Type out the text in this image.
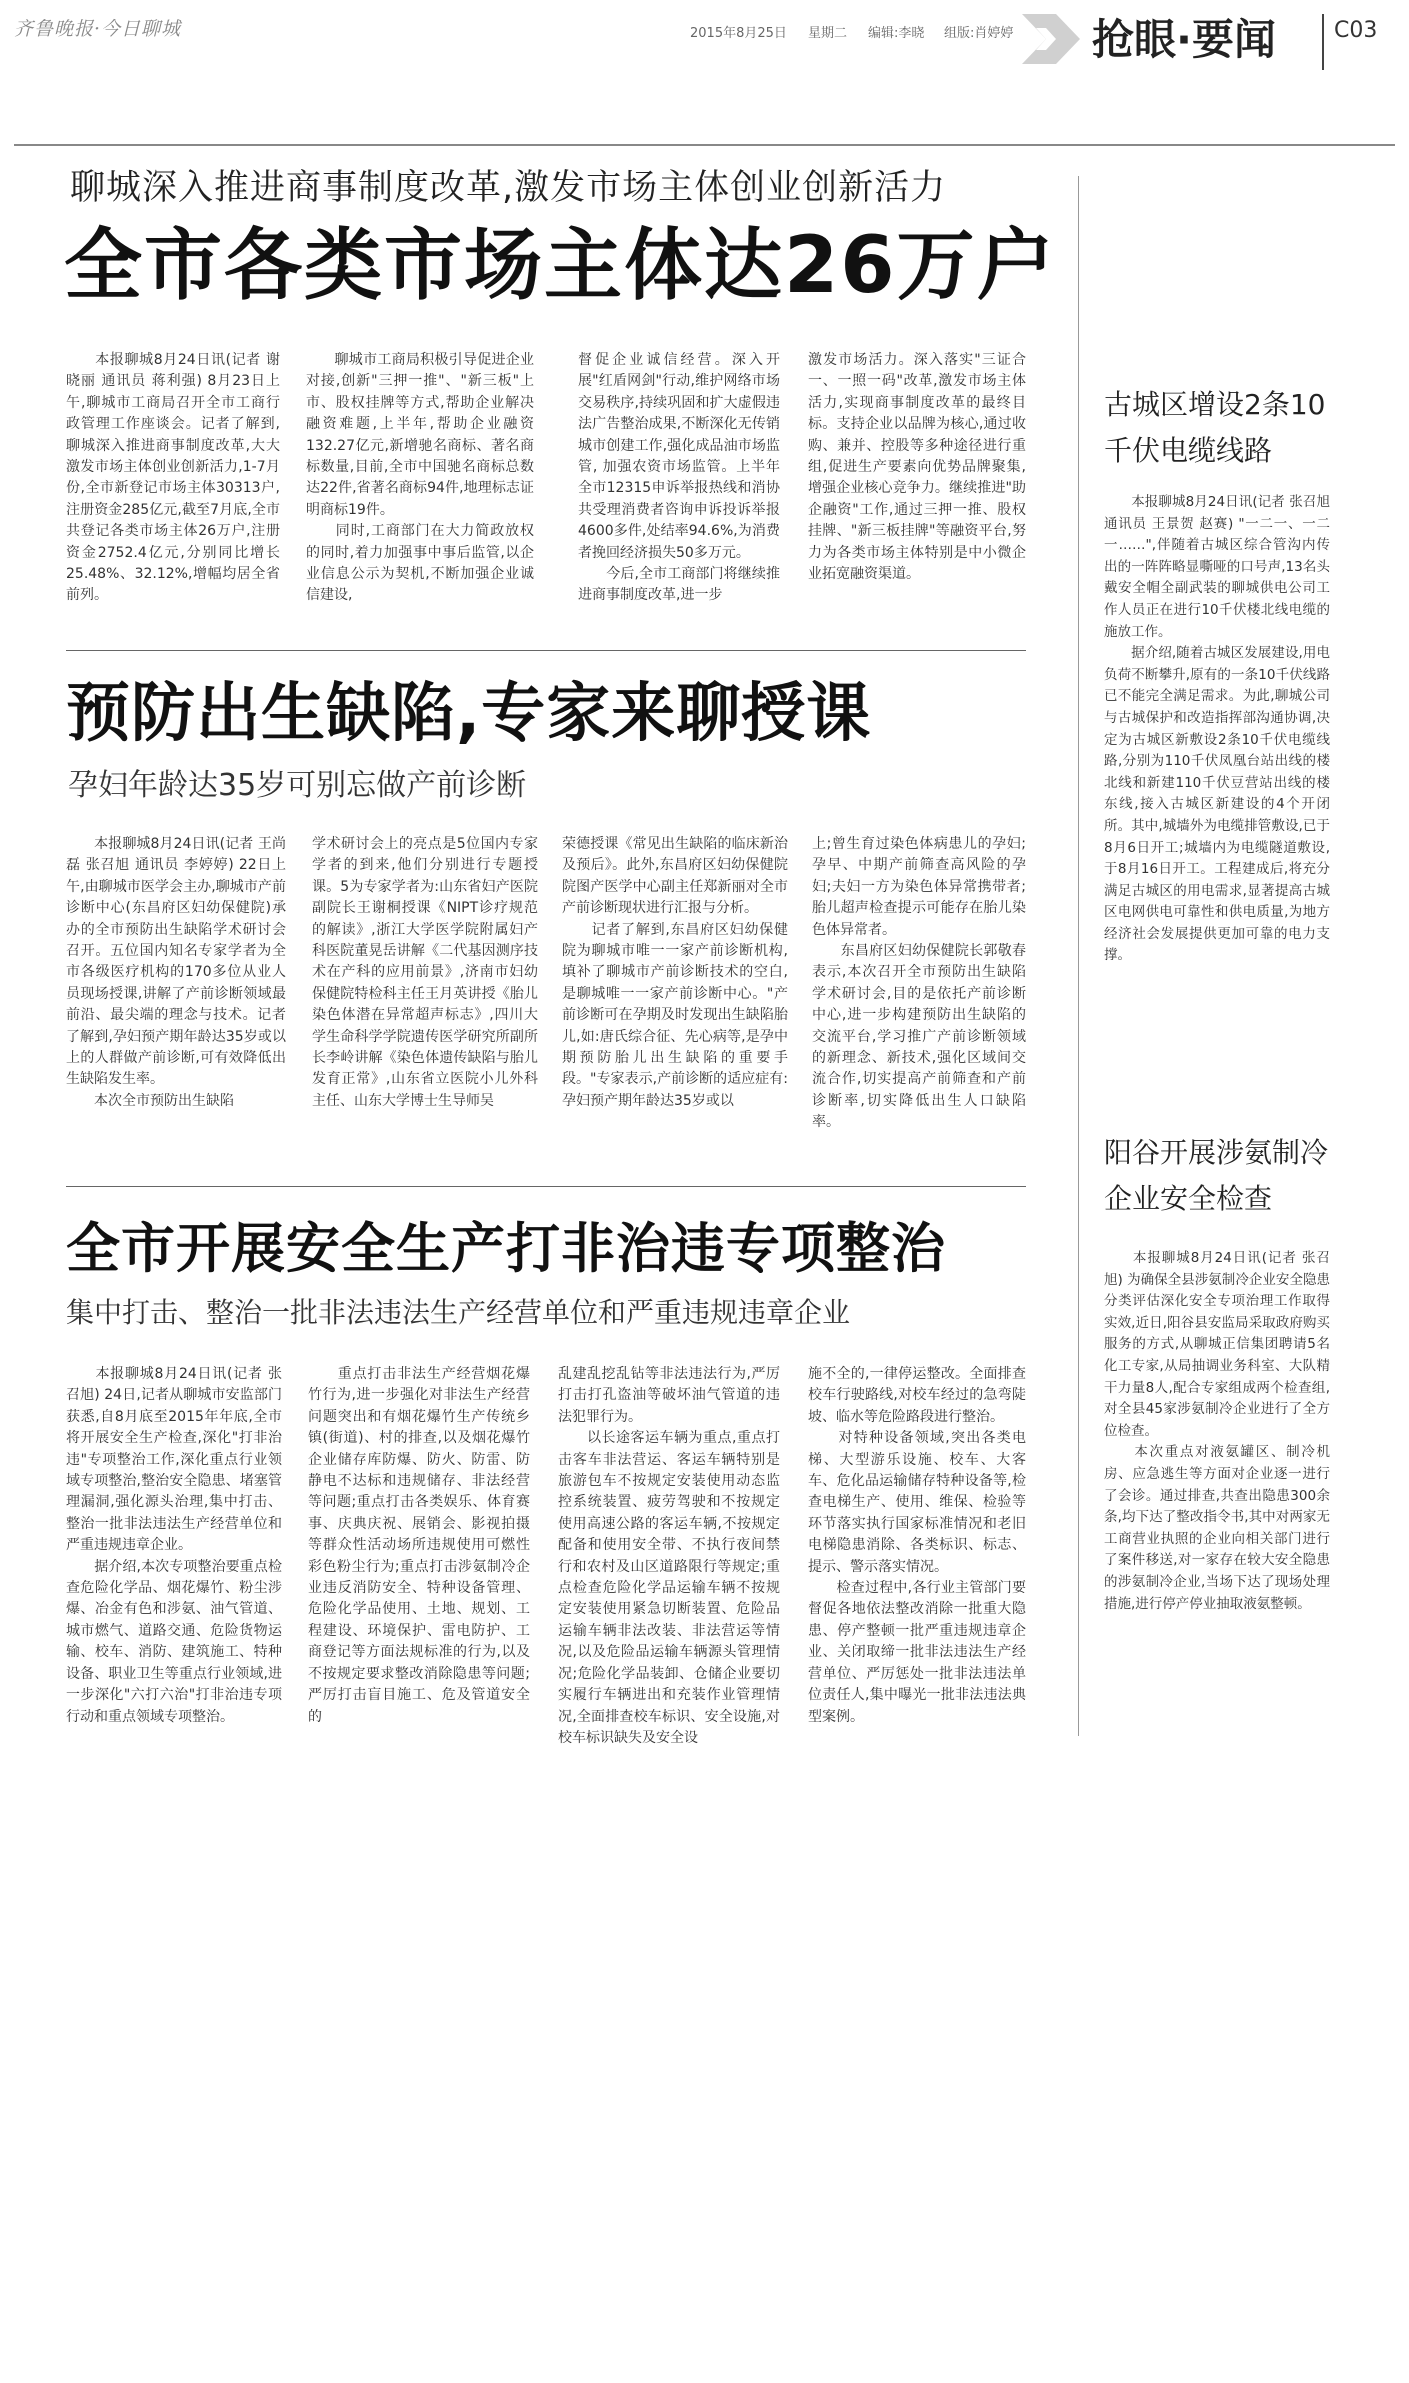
齐鲁晚报·今日聊城	2015年8月25日 星期二 编辑:李晓 组版:肖婷婷 抢眼·要闻	C03
聊城深入推进商事制度改革,激发市场主体创业创新活力
全市各类市场主体达26万户
　　本报聊城8月24日讯(记者 谢晓丽 通讯员 蒋利强) 8月23日上午,聊城市工商局召开全市工商行政管理工作座谈会。记者了解到,聊城深入推进商事制度改革,大大激发市场主体创业创新活力,1-7月份,全市新登记市场主体30313户,注册资金285亿元,截至7月底,全市共登记各类市场主体26万户,注册资金2752.4亿元,分别同比增长25.48%、32.12%,增幅均居全省前列。
　　聊城市工商局积极引导促进企业对接,创新"三押一推"、"新三板"上市、股权挂牌等方式,帮助企业解决融资难题,上半年,帮助企业融资132.27亿元,新增驰名商标、著名商标数量,目前,全市中国驰名商标总数达22件,省著名商标94件,地理标志证明商标19件。
　　同时,工商部门在大力简政放权的同时,着力加强事中事后监管,以企业信息公示为契机,不断加强企业诚信建设,
督促企业诚信经营。深入开展"红盾网剑"行动,维护网络市场交易秩序,持续巩固和扩大虚假违法广告整治成果,不断深化无传销城市创建工作,强化成品油市场监管, 加强农资市场监管。上半年全市12315申诉举报热线和消协共受理消费者咨询申诉投诉举报4600多件,处结率94.6%,为消费者挽回经济损失50多万元。
　　今后,全市工商部门将继续推进商事制度改革,进一步
激发市场活力。深入落实"三证合一、一照一码"改革,激发市场主体活力,实现商事制度改革的最终目标。支持企业以品牌为核心,通过收购、兼并、控股等多种途径进行重组,促进生产要素向优势品牌聚集,增强企业核心竞争力。继续推进"助企融资"工作,通过三押一推、股权挂牌、"新三板挂牌"等融资平台,努力为各类市场主体特别是中小微企业拓宽融资渠道。
预防出生缺陷,专家来聊授课
孕妇年龄达35岁可别忘做产前诊断
　　本报聊城8月24日讯(记者 王尚磊 张召旭 通讯员 李婷婷) 22日上午,由聊城市医学会主办,聊城市产前诊断中心(东昌府区妇幼保健院)承办的全市预防出生缺陷学术研讨会召开。五位国内知名专家学者为全市各级医疗机构的170多位从业人员现场授课,讲解了产前诊断领域最前沿、最尖端的理念与技术。记者了解到,孕妇预产期年龄达35岁或以上的人群做产前诊断,可有效降低出生缺陷发生率。
　　本次全市预防出生缺陷
学术研讨会上的亮点是5位国内专家学者的到来,他们分别进行专题授课。5为专家学者为:山东省妇产医院副院长王谢桐授课《NIPT诊疗规范的解读》,浙江大学医学院附属妇产科医院董晃岳讲解《二代基因测序技术在产科的应用前景》,济南市妇幼保健院特检科主任王月英讲授《胎儿染色体潜在异常超声标志》,四川大学生命科学学院遗传医学研究所副所长李岭讲解《染色体遗传缺陷与胎儿发育正常》,山东省立医院小儿外科主任、山东大学博士生导师吴
荣德授课《常见出生缺陷的临床新治及预后》。此外,东昌府区妇幼保健院院图产医学中心副主任郑新丽对全市产前诊断现状进行汇报与分析。
　　记者了解到,东昌府区妇幼保健院为聊城市唯一一家产前诊断机构,填补了聊城市产前诊断技术的空白,是聊城唯一一家产前诊断中心。"产前诊断可在孕期及时发现出生缺陷胎儿,如:唐氏综合征、先心病等,是孕中期预防胎儿出生缺陷的重要手段。"专家表示,产前诊断的适应症有:孕妇预产期年龄达35岁或以
上;曾生育过染色体病患儿的孕妇;孕早、中期产前筛查高风险的孕妇;夫妇一方为染色体异常携带者;胎儿超声检查提示可能存在胎儿染色体异常者。
　　东昌府区妇幼保健院长郭敬春表示,本次召开全市预防出生缺陷学术研讨会,目的是依托产前诊断中心,进一步构建预防出生缺陷的交流平台,学习推广产前诊断领域的新理念、新技术,强化区域间交流合作,切实提高产前筛查和产前诊断率,切实降低出生人口缺陷率。
全市开展安全生产打非治违专项整治
集中打击、整治一批非法违法生产经营单位和严重违规违章企业
　　本报聊城8月24日讯(记者 张召旭) 24日,记者从聊城市安监部门获悉,自8月底至2015年年底,全市将开展安全生产检查,深化"打非治违"专项整治工作,深化重点行业领域专项整治,整治安全隐患、堵塞管理漏洞,强化源头治理,集中打击、整治一批非法违法生产经营单位和严重违规违章企业。
　　据介绍,本次专项整治要重点检查危险化学品、烟花爆竹、粉尘涉爆、冶金有色和涉氨、油气管道、城市燃气、道路交通、危险货物运输、校车、消防、建筑施工、特种设备、职业卫生等重点行业领域,进一步深化"六打六治"打非治违专项行动和重点领域专项整治。
　　重点打击非法生产经营烟花爆竹行为,进一步强化对非法生产经营问题突出和有烟花爆竹生产传统乡镇(街道)、村的排查,以及烟花爆竹企业储存库防爆、防火、防雷、防静电不达标和违规储存、非法经营等问题;重点打击各类娱乐、体育赛事、庆典庆祝、展销会、影视拍摄等群众性活动场所违规使用可燃性彩色粉尘行为;重点打击涉氨制冷企业违反消防安全、特种设备管理、危险化学品使用、土地、规划、工程建设、环境保护、雷电防护、工商登记等方面法规标准的行为,以及不按规定要求整改消除隐患等问题;严厉打击盲目施工、危及管道安全的
乱建乱挖乱钻等非法违法行为,严厉打击打孔盗油等破坏油气管道的违法犯罪行为。
　　以长途客运车辆为重点,重点打击客车非法营运、客运车辆特别是旅游包车不按规定安装使用动态监控系统装置、疲劳驾驶和不按规定使用高速公路的客运车辆,不按规定配备和使用安全带、不执行夜间禁行和农村及山区道路限行等规定;重点检查危险化学品运输车辆不按规定安装使用紧急切断装置、危险品运输车辆非法改装、非法营运等情况,以及危险品运输车辆源头管理情况;危险化学品装卸、仓储企业要切实履行车辆进出和充装作业管理情况,全面排查校车标识、安全设施,对校车标识缺失及安全设
施不全的,一律停运整改。全面排查校车行驶路线,对校车经过的急弯陡坡、临水等危险路段进行整治。
　　对特种设备领域,突出各类电梯、大型游乐设施、校车、大客车、危化品运输储存特种设备等,检查电梯生产、使用、维保、检验等环节落实执行国家标准情况和老旧电梯隐患消除、各类标识、标志、提示、警示落实情况。
　　检查过程中,各行业主管部门要督促各地依法整改消除一批重大隐患、停产整顿一批严重违规违章企业、关闭取缔一批非法违法生产经营单位、严厉惩处一批非法违法单位责任人,集中曝光一批非法违法典型案例。
古城区增设2条10千伏电缆线路
　　本报聊城8月24日讯(记者 张召旭 通讯员 王景贺 赵赛) "一二一、一二一……",伴随着古城区综合管沟内传出的一阵阵略显嘶哑的口号声,13名头戴安全帽全副武装的聊城供电公司工作人员正在进行10千伏楼北线电缆的施放工作。
　　据介绍,随着古城区发展建设,用电负荷不断攀升,原有的一条10千伏线路已不能完全满足需求。为此,聊城公司与古城保护和改造指挥部沟通协调,决定为古城区新敷设2条10千伏电缆线路,分别为110千伏凤凰台站出线的楼北线和新建110千伏豆营站出线的楼东线,接入古城区新建设的4个开闭所。其中,城墙外为电缆排管敷设,已于8月6日开工;城墙内为电缆隧道敷设,于8月16日开工。工程建成后,将充分满足古城区的用电需求,显著提高古城区电网供电可靠性和供电质量,为地方经济社会发展提供更加可靠的电力支撑。
阳谷开展涉氨制冷企业安全检查
　　本报聊城8月24日讯(记者 张召旭) 为确保全县涉氨制冷企业安全隐患分类评估深化安全专项治理工作取得实效,近日,阳谷县安监局采取政府购买服务的方式,从聊城正信集团聘请5名化工专家,从局抽调业务科室、大队精干力量8人,配合专家组成两个检查组,对全县45家涉氨制冷企业进行了全方位检查。
　　本次重点对液氨罐区、制冷机房、应急逃生等方面对企业逐一进行了会诊。通过排查,共查出隐患300余条,均下达了整改指令书,其中对两家无工商营业执照的企业向相关部门进行了案件移送,对一家存在较大安全隐患的涉氨制冷企业,当场下达了现场处理措施,进行停产停业抽取液氨整顿。
